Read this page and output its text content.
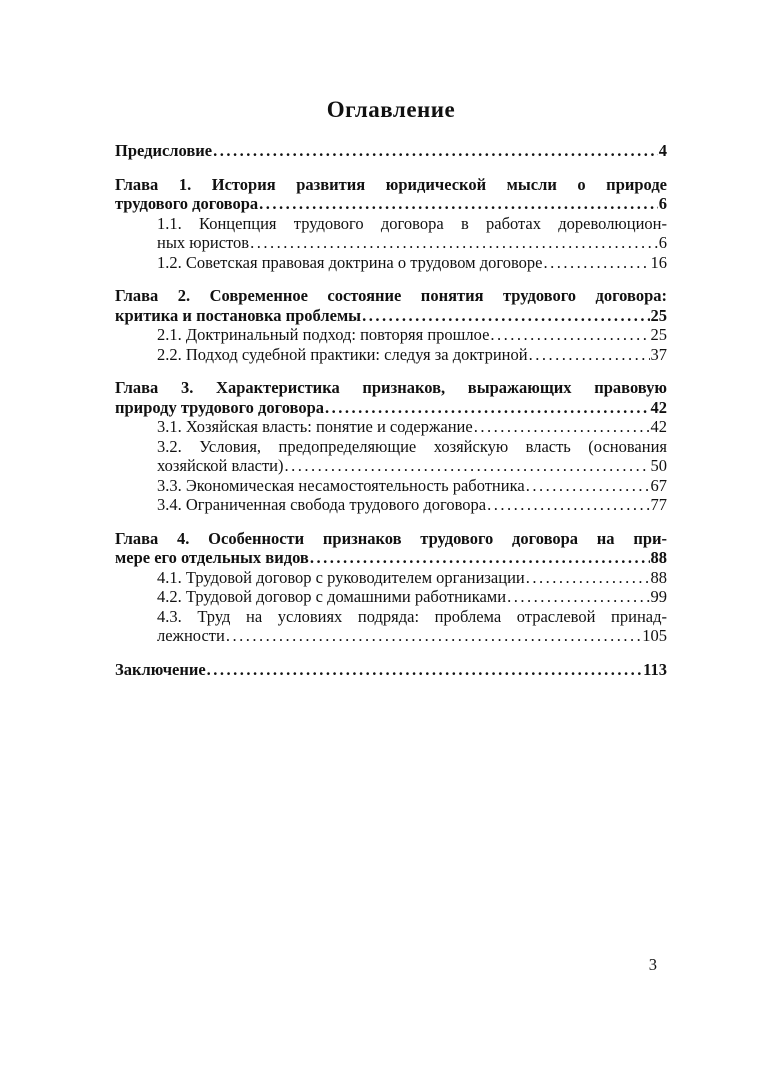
Оглавление
Предисловие .....	4
Глава 1. История развития юридической мысли о природе
трудового договора .....	6
1.1. Концепция трудового договора в работах дореволюцион-
ных юристов .....	6
1.2. Советская правовая доктрина о трудовом договоре .....	16
Глава 2. Современное состояние понятия трудового договора:
критика и постановка проблемы .....	25
2.1. Доктринальный подход: повторяя прошлое .....	25
2.2. Подход судебной практики: следуя за доктриной .....	37
Глава 3. Характеристика признаков, выражающих правовую
природу трудового договора .....	42
3.1. Хозяйская власть: понятие и содержание .....	42
3.2. Условия, предопределяющие хозяйскую власть (основания
хозяйской власти) .....	50
3.3. Экономическая несамостоятельность работника .....	67
3.4. Ограниченная свобода трудового договора .....	77
Глава 4. Особенности признаков трудового договора на при-
мере его отдельных видов .....	88
4.1. Трудовой договор с руководителем организации .....	88
4.2. Трудовой договор с домашними работниками .....	99
4.3. Труд на условиях подряда: проблема отраслевой принад-
лежности .....	105
Заключение .....	113
3
